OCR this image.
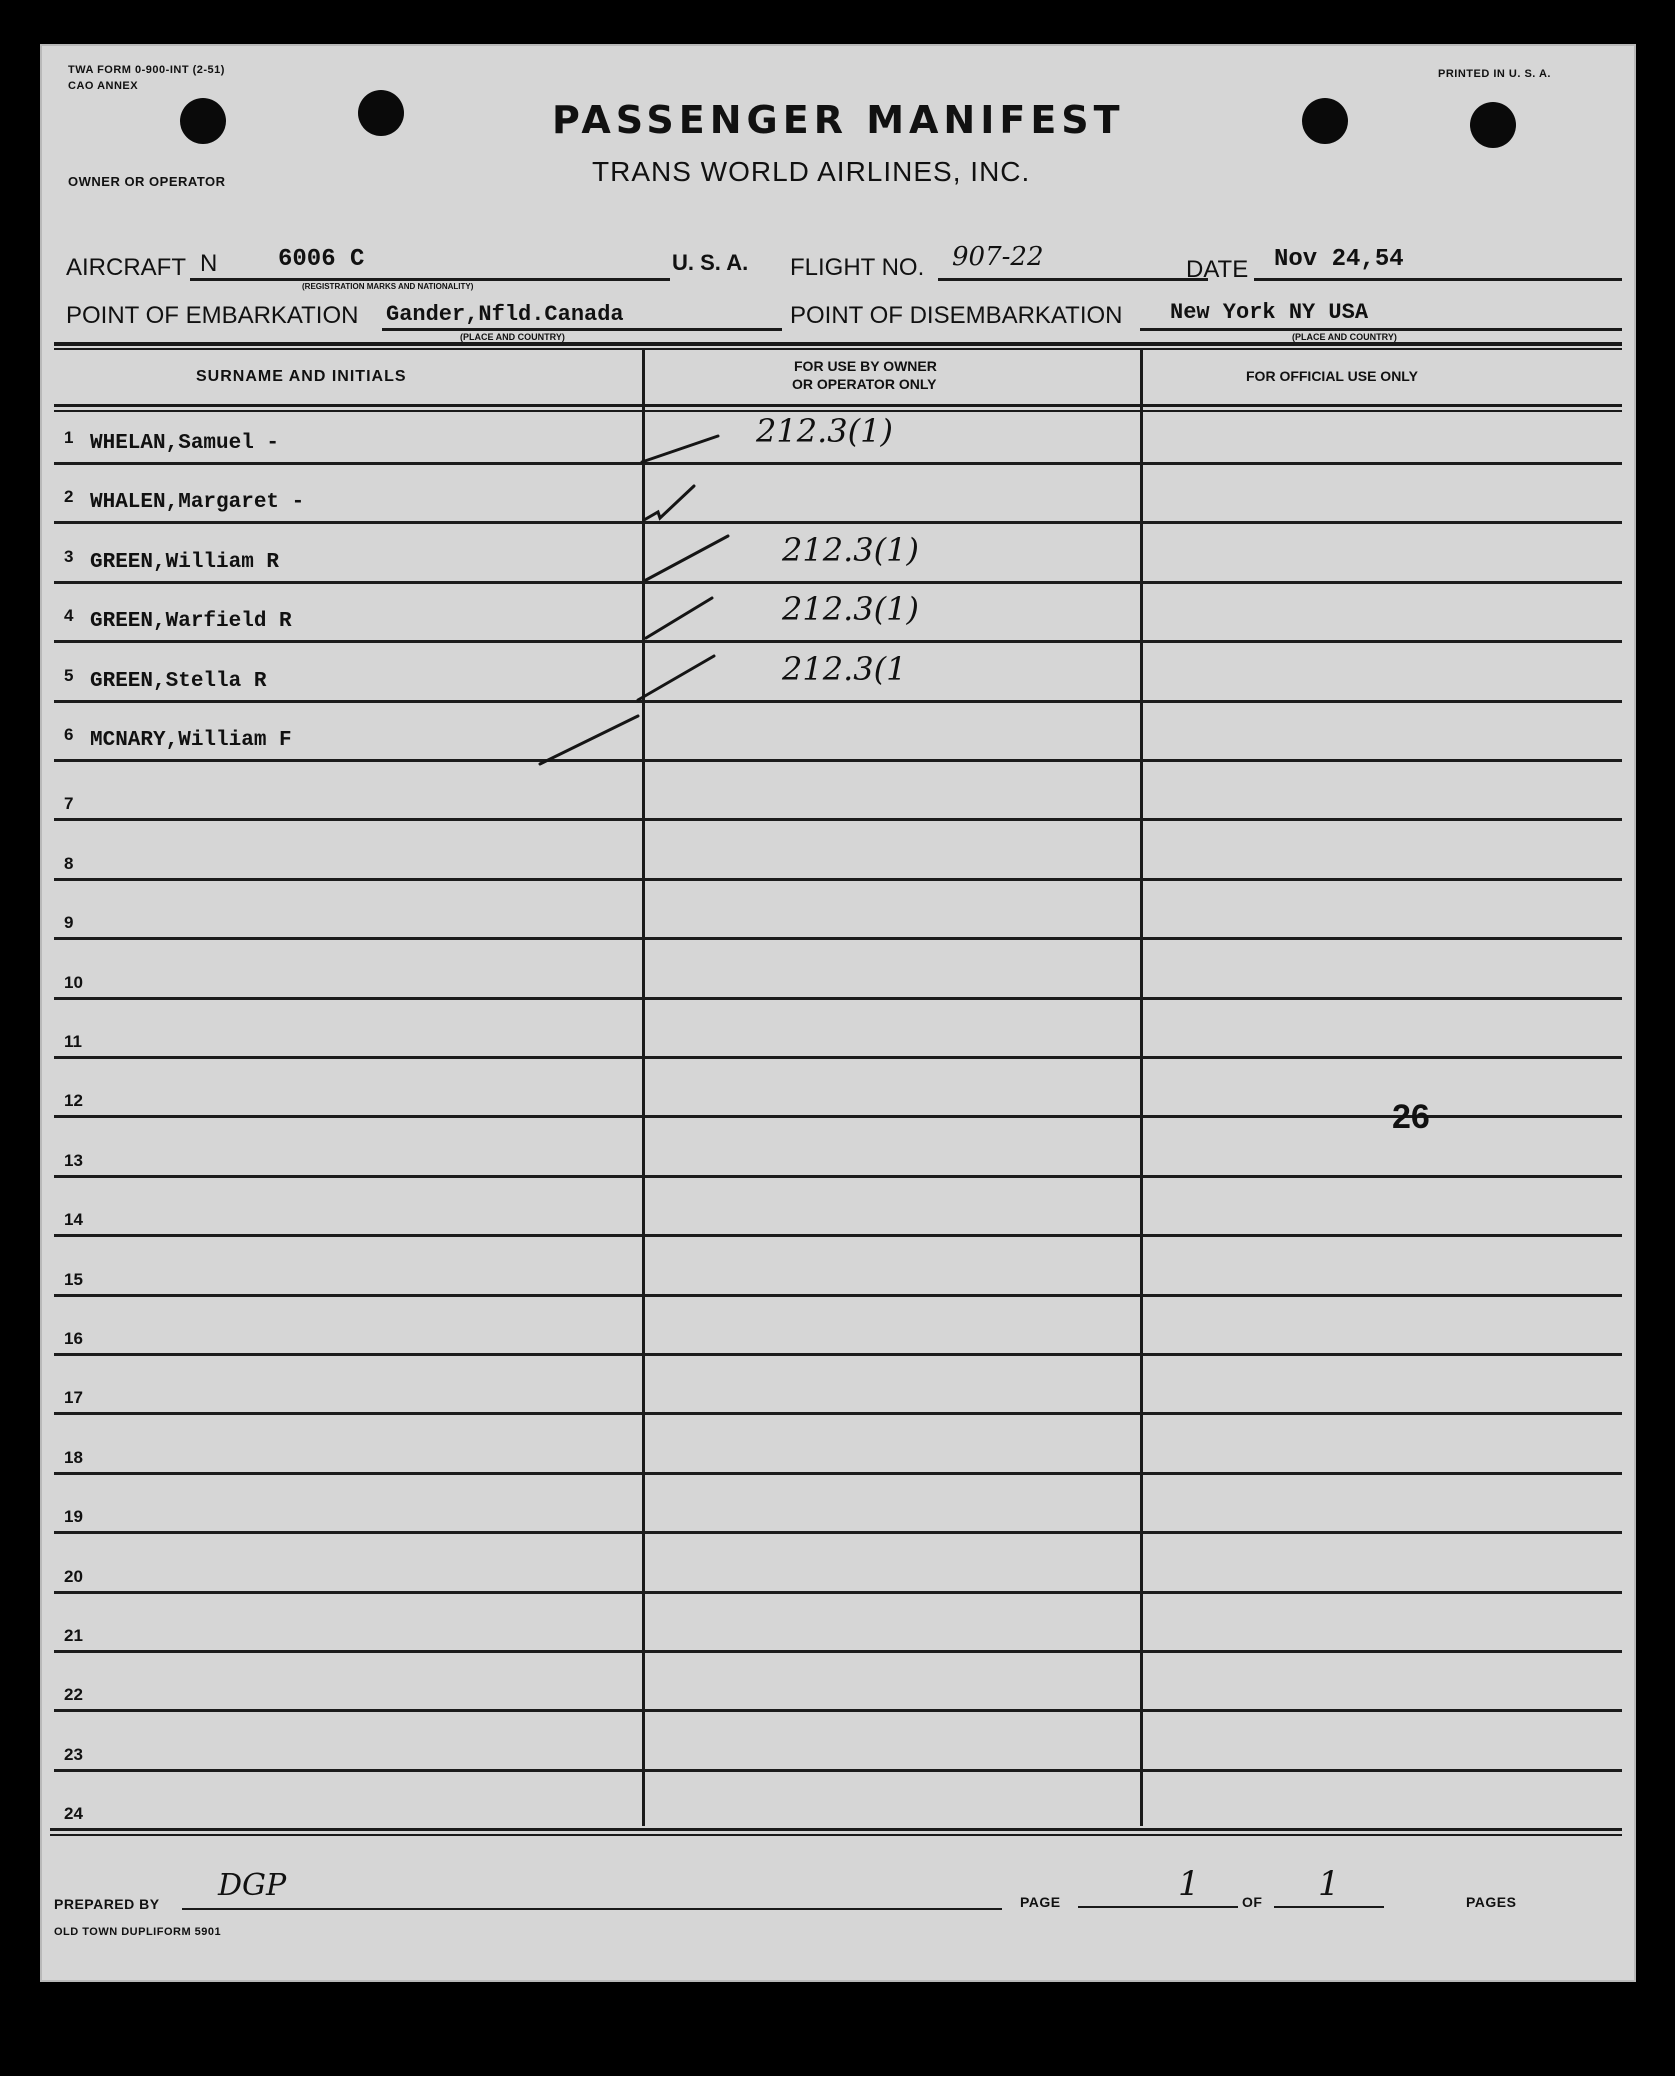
TWA FORM 0-900-INT (2-51)
CAO ANNEX
PRINTED IN U. S. A.
PASSENGER MANIFEST
TRANS WORLD AIRLINES, INC.
OWNER OR OPERATOR
AIRCRAFT N	6006 C
(REGISTRATION MARKS AND NATIONALITY)
U. S. A. FLIGHT NO. 907-22	DATE Nov 24,54
POINT OF EMBARKATION Gander,Nfld.Canada
(PLACE AND COUNTRY)
POINT OF DISEMBARKATION New York NY USA
(PLACE AND COUNTRY)
SURNAME AND INITIALS
FOR USE BY OWNER
OR OPERATOR ONLY	FOR OFFICIAL USE ONLY
1 WHELAN,Samuel -	212.3(1)
2 WHALEN,Margaret -
3 GREEN,William R	212.3(1)
4 GREEN,Warfield R	212.3(1)
5 GREEN,Stella R	212.3(1
6 MCNARY,William F
7
8
9
10
11
12
13
14
15
16
17
18
19
20
21
22
23
24
26
PREPARED BY
DGP	PAGE	1	OF 1	PAGES
OLD TOWN DUPLIFORM 5901
